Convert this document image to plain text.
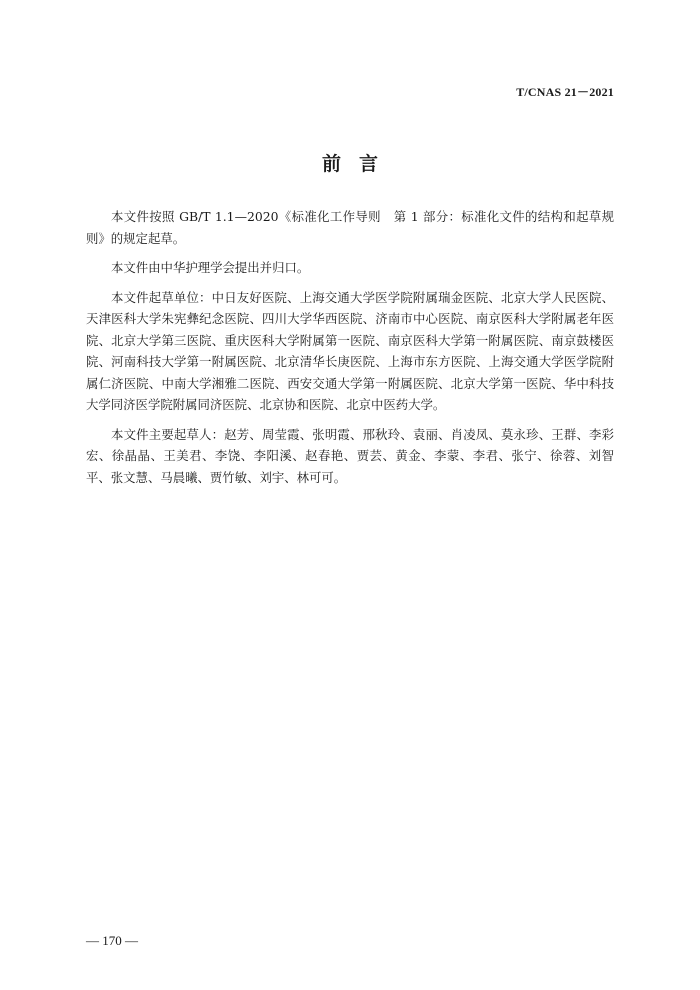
T/CNAS 21－2021
前言

本文件按照 GB/T 1.1—2020《标准化工作导则　第 1 部分：标准化文件的结构和起草规则》的规定起草。

本文件由中华护理学会提出并归口。

本文件起草单位：中日友好医院、上海交通大学医学院附属瑞金医院、北京大学人民医院、天津医科大学朱宪彝纪念医院、四川大学华西医院、济南市中心医院、南京医科大学附属老年医院、北京大学第三医院、重庆医科大学附属第一医院、南京医科大学第一附属医院、南京鼓楼医院、河南科技大学第一附属医院、北京清华长庚医院、上海市东方医院、上海交通大学医学院附属仁济医院、中南大学湘雅二医院、西安交通大学第一附属医院、北京大学第一医院、华中科技大学同济医学院附属同济医院、北京协和医院、北京中医药大学。

本文件主要起草人：赵芳、周莹霞、张明霞、邢秋玲、袁丽、肖凌凤、莫永珍、王群、李彩宏、徐晶晶、王美君、李饶、李阳溪、赵春艳、贾芸、黄金、李蒙、李君、张宁、徐蓉、刘智平、张文慧、马晨曦、贾竹敏、刘宇、林可可。

— 170 —
